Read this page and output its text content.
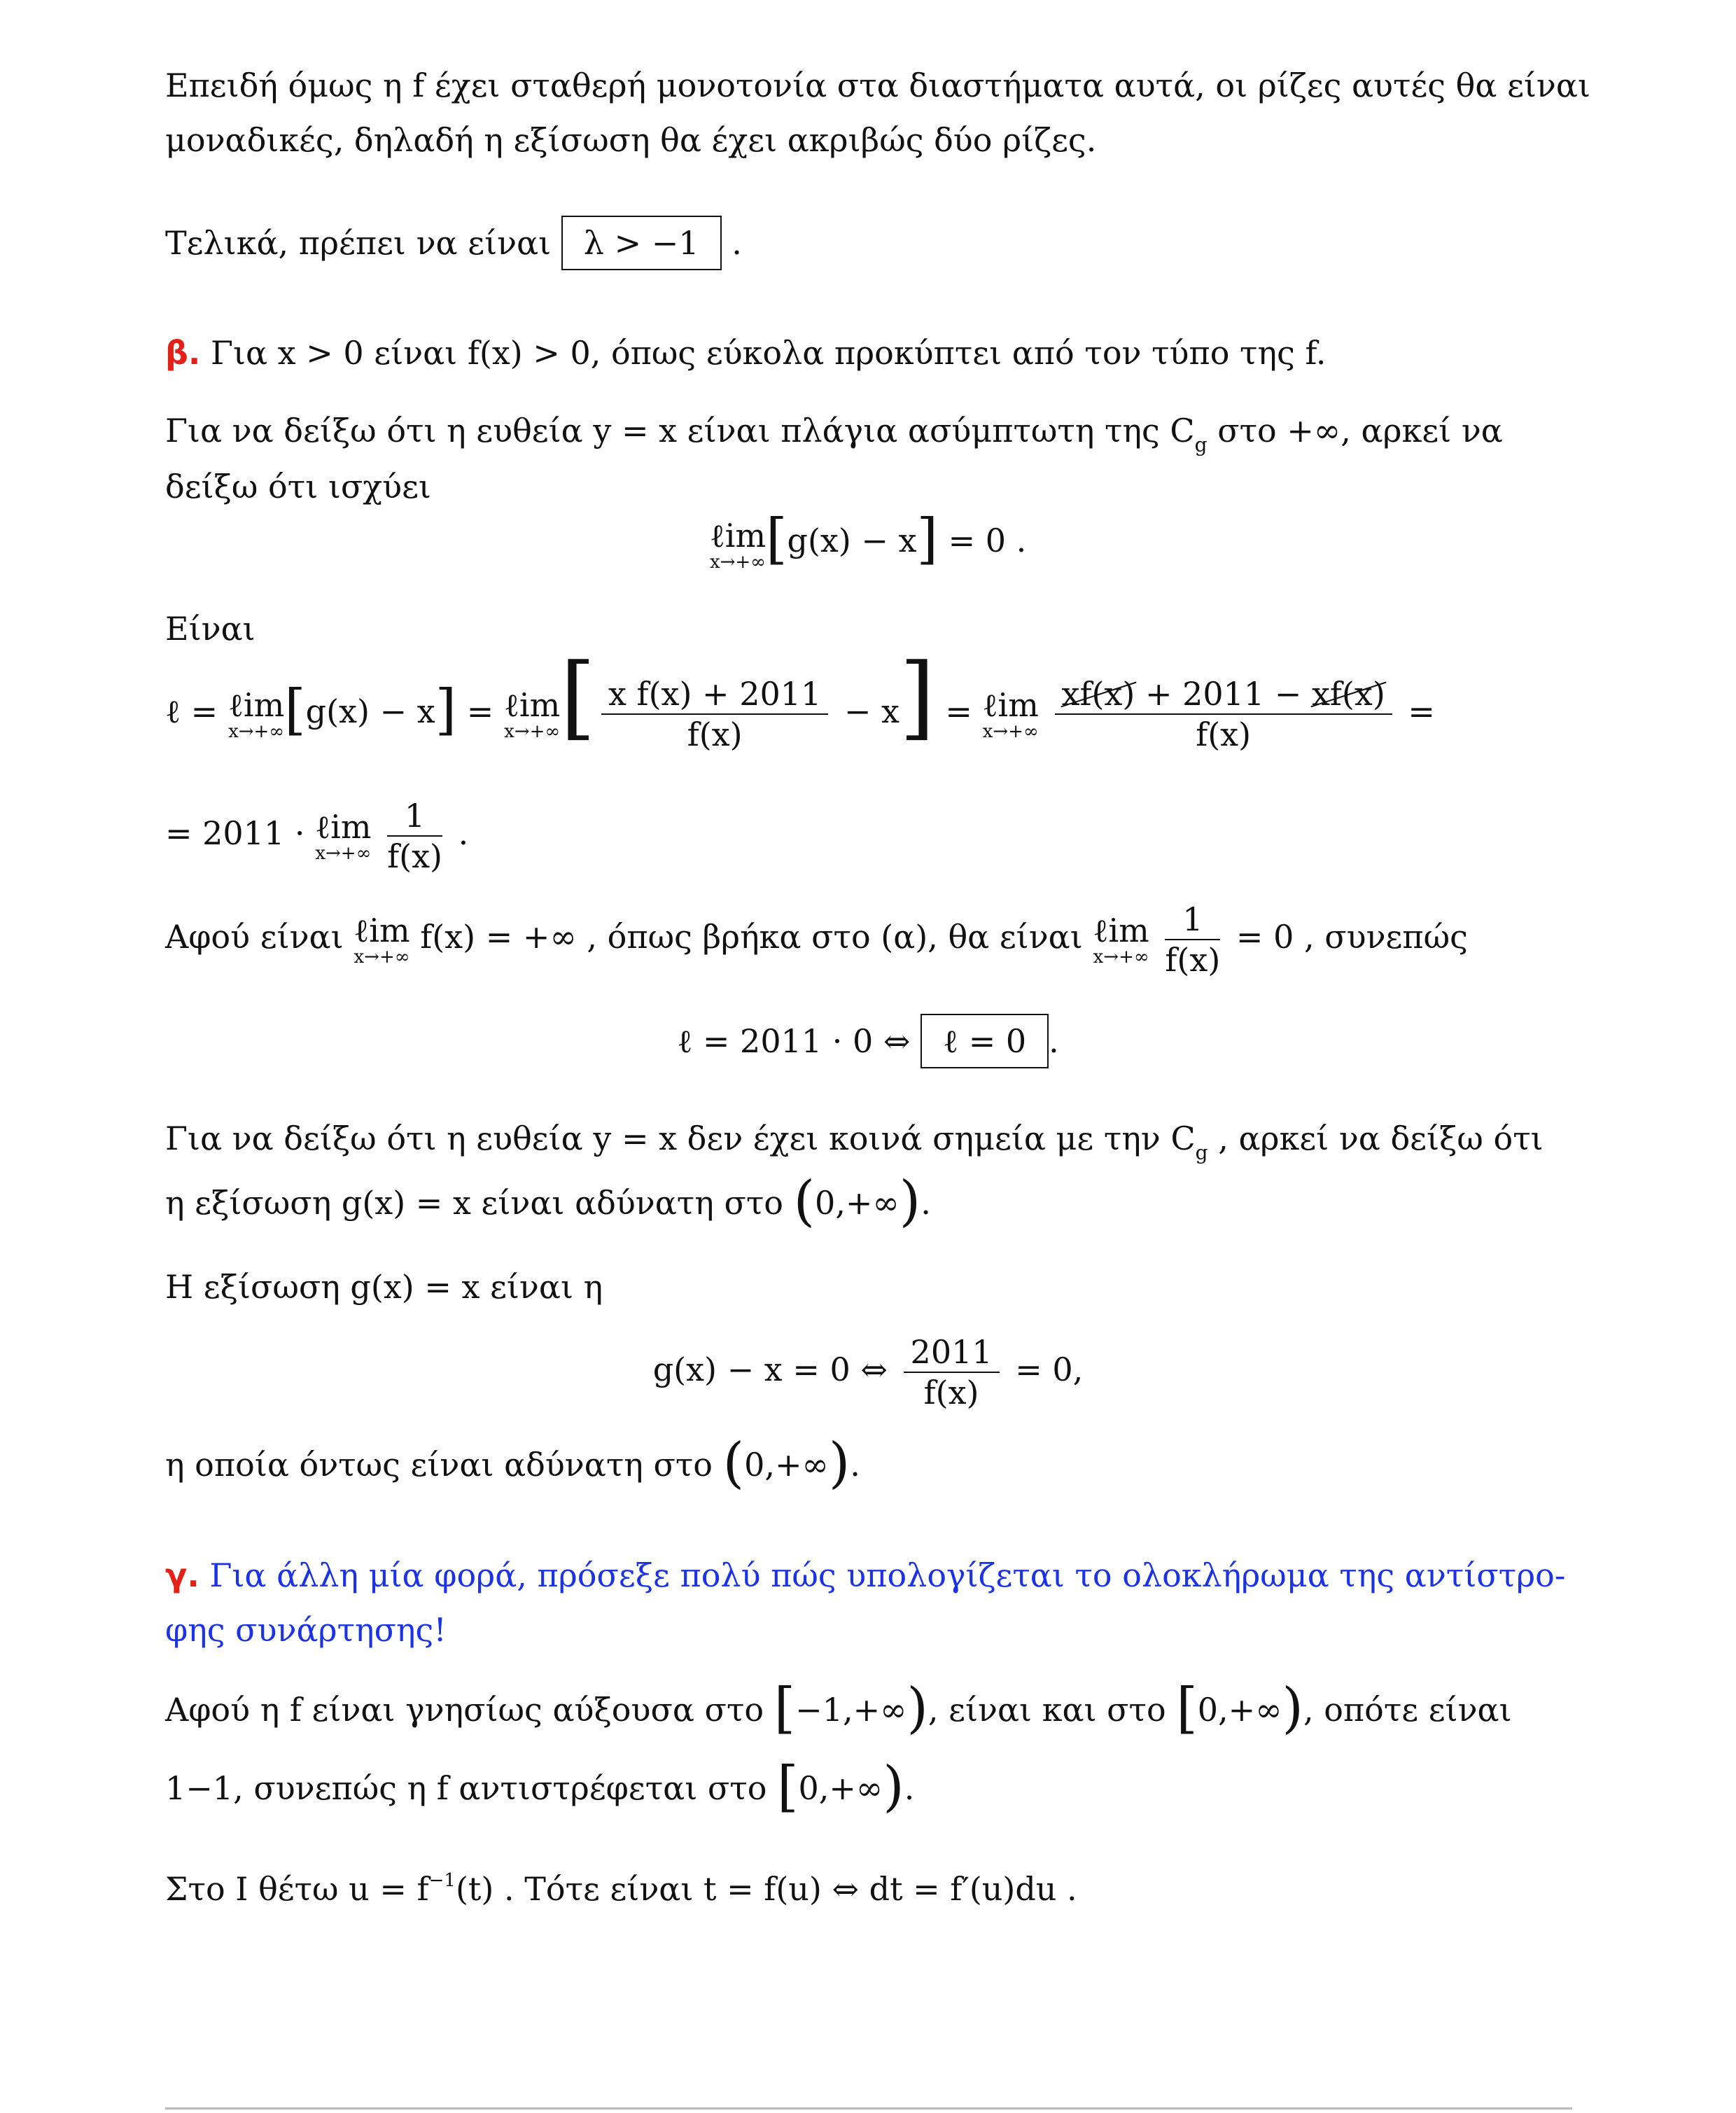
Επειδή όμως η f έχει σταθερή μονοτονία στα διαστήματα αυτά, οι ρίζες αυτές θα είναι
μοναδικές, δηλαδή η εξίσωση θα έχει ακριβώς δύο ρίζες.
Τελικά, πρέπει να είναι λ > −1 .
β. Για x > 0 είναι f(x) > 0, όπως εύκολα προκύπτει από τον τύπο της f.
Για να δείξω ότι η ευθεία y = x είναι πλάγια ασύμπτωτη της $C_g$ στο +∞, αρκεί να
δείξω ότι ισχύει
ℓim
x→+∞ [g(x) − x] = 0 .
Είναι
ℓ = ℓim
x→+∞ [g(x) − x] = ℓim
x→+∞ [ $\frac{\text{x f(x) + 2011}}{f(x)} - x$] = ℓim
x→+∞
$\frac{xf(x) + 2011 - xf(x)}{f(x)}$ =
= 2011 · ℓim
x→+∞
$\frac{1}{f(x)}$ .
Αφού είναι ℓim
x→+∞
f(x) = +∞ , όπως βρήκα στο (α), θα είναι ℓim
x→+∞
$\frac{1}{f(x)} = 0$ , συνεπώς
ℓ = 2011 · 0 ⇔ ℓ = 0 .
Για να δείξω ότι η ευθεία y = x δεν έχει κοινά σημεία με την $C_g$ , αρκεί να δείξω ότι
η εξίσωση g(x) = x είναι αδύνατη στο (0,+∞).
Η εξίσωση g(x) = x είναι η
g(x) − x = 0 ⇔ $\frac{2011}{f(x)} = 0$,
η οποία όντως είναι αδύνατη στο (0,+∞).
γ. Για άλλη μία φορά, πρόσεξε πολύ πώς υπολογίζεται το ολοκλήρωμα της αντίστρο-
φης συνάρτησης!
Αφού η f είναι γνησίως αύξουσα στο [−1,+∞), είναι και στο [0,+∞), οπότε είναι
1−1, συνεπώς η f αντιστρέφεται στο [0,+∞).
Στο Ι θέτω $u = f^{-1}(t)$ . Τότε είναι t = f(u) ⇔ dt = f′(u)du .
